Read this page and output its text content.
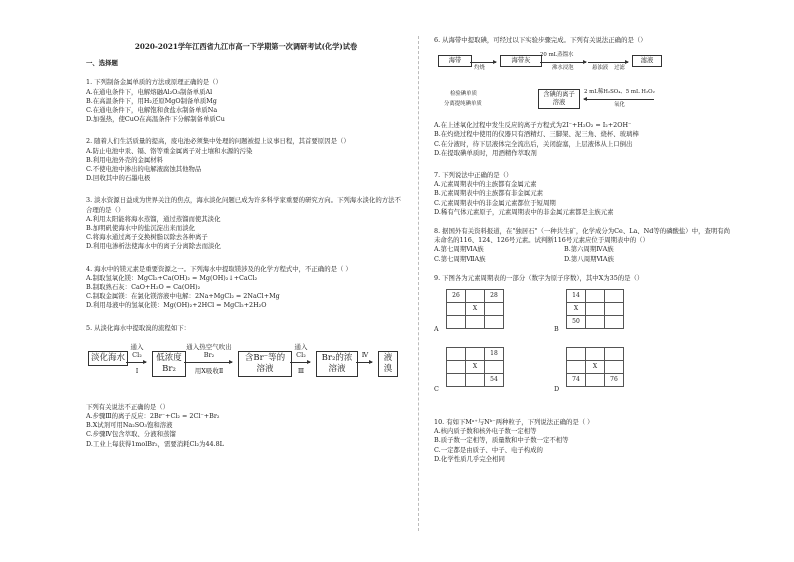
2020-2021学年江西省九江市高一下学期第一次调研考试(化学)试卷
一、选择题
1. 下列制备金属单质的方法或原理正确的是（）
A.在通电条件下，电解熔融Al₂O₃制备单质Al
B.在高温条件下，用H₂还原MgO制备单质Mg
C.在通电条件下，电解饱和食盐水制备单质Na
D.加强热，使CuO在高温条件下分解制备单质Cu
2. 随着人们生活质量的提高，废电池必须集中处理的问题被提上议事日程，其首要原因是（）
A.防止电池中汞、镉、铬等重金属离子对土壤和水源的污染
B.利用电池外壳的金属材料
C.不使电池中渗出的电解液腐蚀其他物品
D.回收其中的石墨电极
3. 淡水资源日益成为世界关注的焦点，海水淡化问题已成为许多科学家重要的研究方向。下列海水淡化的方法不合理的是（）
A.利用太阳能将海水蒸馏，通过蒸馏而使其淡化
B.加明矾使海水中的盐沉淀出来而淡化
C.将海水通过离子交换树脂以除去各种离子
D.利用电渗析法使海水中的离子分离除去而淡化
4. 海水中的镁元素是重要资源之一。下列海水中提取镁涉及的化学方程式中，不正确的是（ ）
A.制取氢氧化镁：MgCl₂+Ca(OH)₂ = Mg(OH)₂↓+CaCl₂
B.制取熟石灰：CaO+H₂O = Ca(OH)₂
C.制取金属镁：在氯化镁溶液中电解：2Na+MgCl₂ = 2NaCl+Mg
D.利用母液中的氢氧化镁：Mg(OH)₂+2HCl = MgCl₂+2H₂O
5. 从淡化海水中提取溴的流程如下：
淡化海水
通入Cl₂
Ⅰ
低浓度Br₂
通入热空气吹出Br₂
用X吸收Ⅱ
含Br⁻等的溶液
通入Cl₂
Ⅲ
Br₂的浓溶液
Ⅳ	液溴
下列有关说法不正确的是（）
A.步骤Ⅲ的离子反应：2Br⁻+Cl₂ = 2Cl⁻+Br₂
B.X试剂可用Na₂SO₃饱和溶液
C.步骤Ⅳ包含萃取、分液和蒸馏
D.工业上每获得1molBr₂，需要消耗Cl₂为44.8L
6. 从海带中提取碘，可经过以下实验步骤完成。下列有关说法正确的是（）
海带
灼烧
海带灰
20 mL蒸馏水
沸水浸泡	悬浊液 过滤
滤液
2 mL稀H₂SO₄、5 mL H₂O₂
氧化
含碘的离子溶液
检验碘单质
分离提纯碘单质
A.在上述氧化过程中发生反应的离子方程式为2I⁻+H₂O₂ = I₂+2OH⁻
B.在灼烧过程中使用的仪器只有酒精灯、三脚架、泥三角、烧杯、玻璃棒
C.在分液时，待下层液体完全流出后，关闭旋塞，上层液体从上口倒出
D.在提取碘单质时，用酒精作萃取剂
7. 下列说法中正确的是（）
A.元素周期表中的主族都有金属元素
B.元素周期表中的主族都有非金属元素
C.元素周期表中的非金属元素都位于短周期
D.稀有气体元素原子，元素周期表中的非金属元素都是主族元素
8. 据国外有关资料报道，在"独居石"（一种共生矿，化学成分为Ce、La、Nd等的磷酸盐）中，查明有尚未命名的116、124、126号元素。试判断116号元素应位于周期表中的（）
A.第七周期ⅥA族	B.第六周期ⅣA族
C.第七周期ⅦA族	D.第八周期ⅥA族
9. 下图各为元素周期表的一部分（数字为原子序数），其中X为35的是（）
26		28
	X	

A
14		
X		
50		
B
		18
	X	
		54
C

	X	
74		76
D
10. 有如下Mᵃ⁺与Nᵇ⁻两种粒子，下列说法正确的是（ ）
A.核内质子数和核外电子数一定相等
B.质子数一定相等，质量数和中子数一定不相等
C.一定都是由质子、中子、电子构成的
D.化学性质几乎完全相同
